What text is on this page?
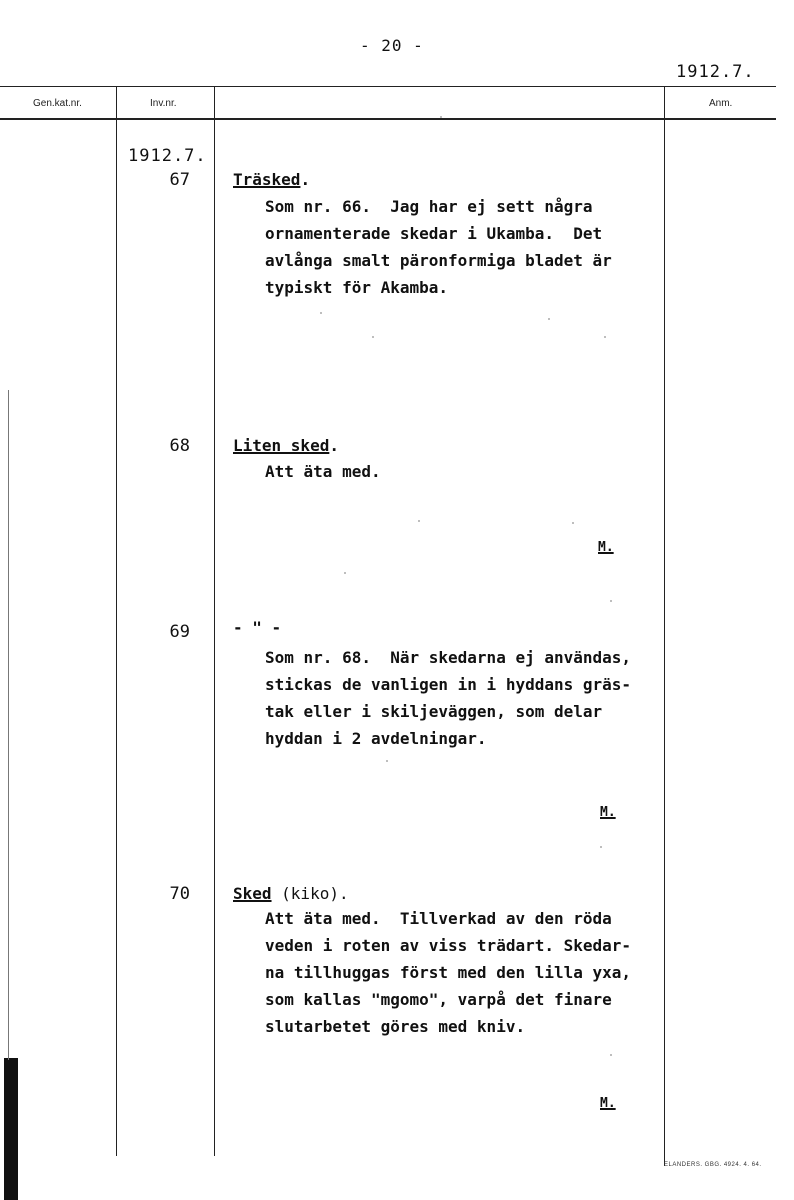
- 20 -
1912.7.
Gen.kat.nr.	Inv.nr.	Anm.
1912.7.
67	Träsked.
Som nr. 66.  Jag har ej sett några
ornamenterade skedar i Ukamba.  Det
avlånga smalt päronformiga bladet är
typiskt för Akamba.
68	Liten sked.
Att äta med.
M.
69	- " -
Som nr. 68.  När skedarna ej användas,
stickas de vanligen in i hyddans gräs-
tak eller i skiljeväggen, som delar
hyddan i 2 avdelningar.
M.
70	Sked (kiko).
Att äta med.  Tillverkad av den röda
veden i roten av viss trädart. Skedar-
na tillhuggas först med den lilla yxa,
som kallas "mgomo", varpå det finare
slutarbetet göres med kniv.
M.
ELANDERS. GBG. 4924. 4. 64.
